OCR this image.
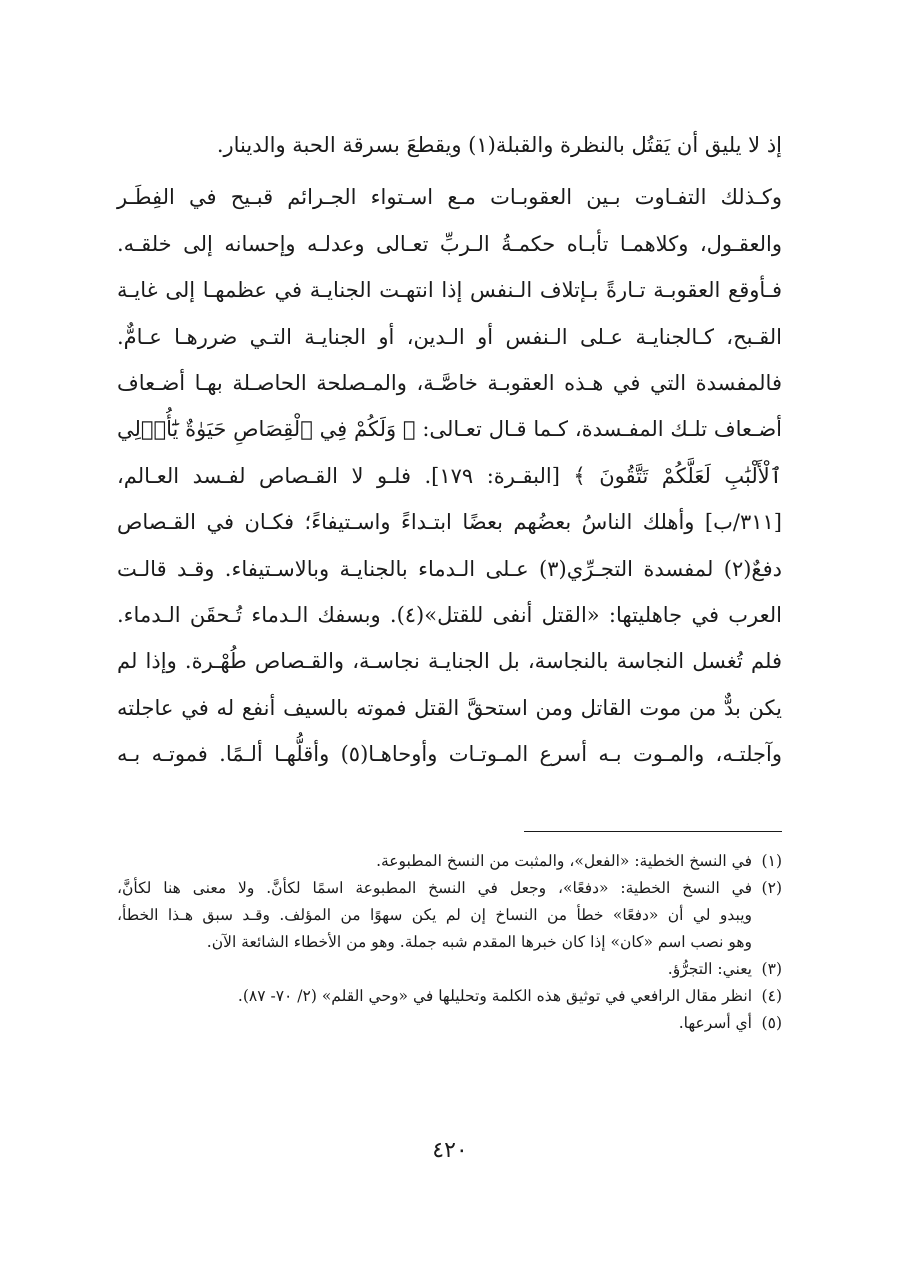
إذ لا يليق أن يَقتُل بالنظرة والقبلة(١) ويقطعَ بسرقة الحبة والدينار.

وكـذلك التفـاوت بـين العقوبـات مـع اسـتواء الجـرائم قبـيح في الفِطَـر

والعقـول، وكلاهمـا تأبـاه حكمـةُ الـربِّ تعـالى وعدلـه وإحسانه إلى خلقـه.

فـأوقع العقوبـة تـارةً بـإتلاف الـنفس إذا انتهـت الجنايـة في عظمهـا إلى غايـة

القـبح، كـالجنايـة عـلى الـنفس أو الـدين، أو الجنايـة التـي ضررهـا عـامٌّ.

فالمفسدة التي في هـذه العقوبـة خاصَّـة، والمـصلحة الحاصـلة بهـا أضـعاف

أضـعاف تلـك المفـسدة، كـما قـال تعـالى: ﴿ وَلَكُمْ فِي ٱلْقِصَاصِ حَيَوٰةٌ يَٰٓأُو۟لِي

ٱلْأَلْبَٰبِ لَعَلَّكُمْ تَتَّقُونَ ﴾ [البقـرة: ١٧٩]. فلـو لا القـصاص لفـسد العـالم،

[٣١١/ب] وأهلك الناسُ بعضُهم بعضًا ابتـداءً واسـتيفاءً؛ فكـان في القـصاص

دفعٌ(٢) لمفسدة التجـرِّي(٣) عـلى الـدماء بالجنايـة وبالاسـتيفاء. وقـد قالـت

العرب في جاهليتها: «القتل أنفى للقتل»(٤). وبسفك الـدماء تُـحقَن الـدماء.

فلم تُغسل النجاسة بالنجاسة، بل الجنايـة نجاسـة، والقـصاص طُهْـرة. وإذا لم

يكن بدٌّ من موت القاتل ومن استحقَّ القتل فموته بالسيف أنفع له في عاجلته

وآجلتـه، والمـوت بـه أسرع المـوتـات وأوحاهـا(٥) وأقلُّهـا ألـمًا. فموتـه بـه

(١)
في النسخ الخطية: «الفعل»، والمثبت من النسخ المطبوعة.
(٢)
في النسخ الخطية: «دفعًا»، وجعل في النسخ المطبوعة اسمًا لكأنَّ. ولا معنى هنا لكأنَّ،
ويبدو لي أن «دفعًا» خطأ من النساخ إن لم يكن سهوًا من المؤلف. وقـد سبق هـذا الخطأ،
وهو نصب اسم «كان» إذا كان خبرها المقدم شبه جملة. وهو من الأخطاء الشائعة الآن.
(٣)
يعني: التجرُّؤ.
(٤)
انظر مقال الرافعي في توثيق هذه الكلمة وتحليلها في «وحي القلم» (٢/ ٧٠- ٨٧).
(٥)
أي أسرعها.
٤٢٠
